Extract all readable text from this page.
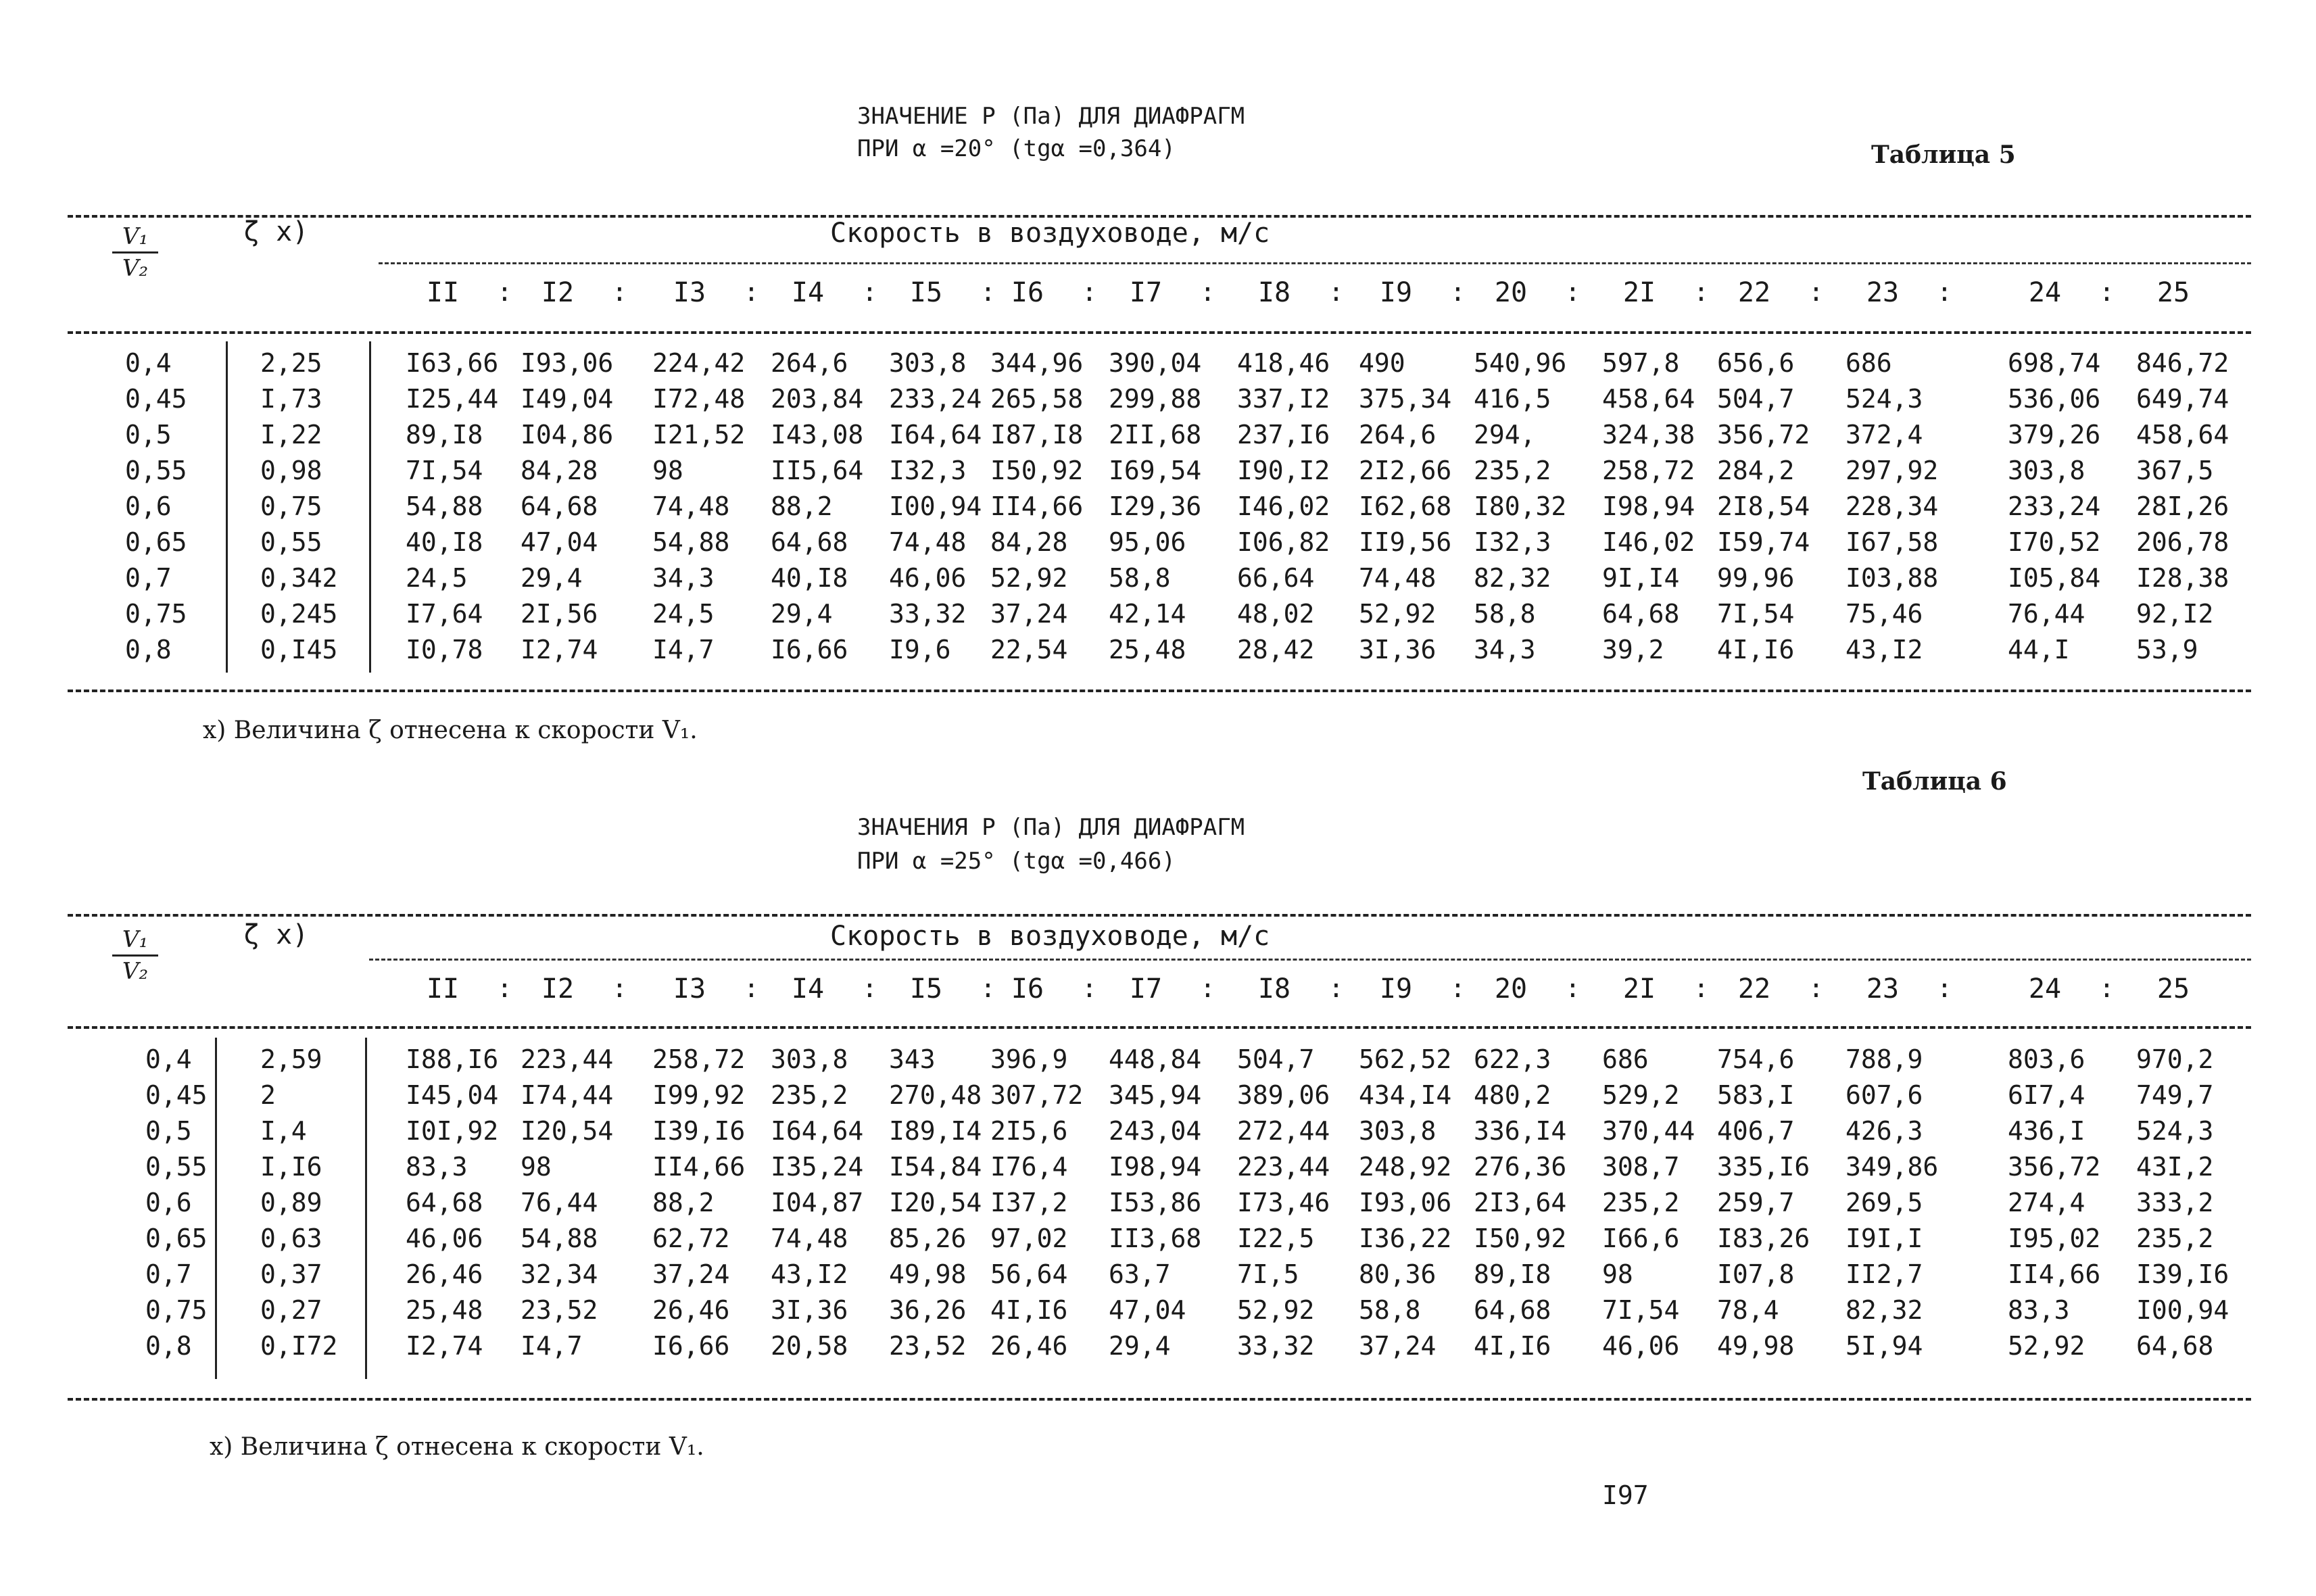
ЗНАЧЕНИЕ Р (Па) ДЛЯ ДИАФРАГМ
ПРИ α =20° (tgα =0,364)	Таблица 5
V₁
V₂
ζ x)	Скорость в воздуховоде, м/с
II	:	I2	:	I3	:	I4	:	I5	: I6	:	I7	:	I8	:	I9	:	20	:	2I	:	22	:	23	:	24	:	25
0,4	2,25	I63,66 I93,06 224,42 264,6 303,8 344,96 390,04 418,46 490	540,96 597,8 656,6 686	698,74 846,72
0,45	I,73	I25,44 I49,04 I72,48 203,84 233,24 265,58 299,88 337,I2 375,34 416,5 458,64 504,7 524,3	536,06 649,74
0,5	I,22	89,I8 I04,86 I21,52 I43,08 I64,64 I87,I8 2II,68 237,I6 264,6 294,	324,38 356,72 372,4	379,26 458,64
0,55	0,98	7I,54 84,28 98	II5,64 I32,3 I50,92 I69,54 I90,I2 2I2,66 235,2 258,72 284,2 297,92	303,8 367,5
0,6	0,75	54,88 64,68 74,48 88,2 I00,94 II4,66 I29,36 I46,02 I62,68 I80,32 I98,94 2I8,54 228,34	233,24 28I,26
0,65	0,55	40,I8 47,04 54,88 64,68 74,48 84,28 95,06 I06,82 II9,56 I32,3 I46,02 I59,74 I67,58	I70,52 206,78
0,7	0,342	24,5 29,4	34,3 40,I8 46,06 52,92 58,8	66,64 74,48 82,32 9I,I4 99,96 I03,88	I05,84 I28,38
0,75	0,245	I7,64 2I,56 24,5 29,4 33,32 37,24 42,14 48,02 52,92 58,8	64,68 7I,54 75,46	76,44 92,I2
0,8	0,I45	I0,78 I2,74 I4,7 I6,66 I9,6 22,54 25,48 28,42 3I,36 34,3	39,2 4I,I6 43,I2	44,I	53,9
x) Величина ζ отнесена к скорости V₁.
Таблица 6
ЗНАЧЕНИЯ Р (Па) ДЛЯ ДИАФРАГМ
ПРИ α =25° (tgα =0,466)
V₁
V₂
ζ x)	Скорость в воздуховоде, м/с
II	:	I2	:	I3	:	I4	:	I5	: I6	:	I7	:	I8	:	I9	:	20	:	2I	:	22	:	23	:	24	:	25
0,4	2,59	I88,I6 223,44 258,72 303,8 343 396,9 448,84 504,7 562,52 622,3 686	754,6 788,9	803,6 970,2
0,45 2	I45,04 I74,44 I99,92 235,2 270,48 307,72 345,94 389,06 434,I4 480,2 529,2 583,I 607,6	6I7,4 749,7
0,5	I,4	I0I,92 I20,54 I39,I6 I64,64 I89,I4 2I5,6 243,04 272,44 303,8 336,I4 370,44 406,7 426,3	436,I 524,3
0,55 I,I6	83,3 98	II4,66 I35,24 I54,84 I76,4 I98,94 223,44 248,92 276,36 308,7 335,I6 349,86	356,72 43I,2
0,6	0,89	64,68 76,44 88,2 I04,87 I20,54 I37,2 I53,86 I73,46 I93,06 2I3,64 235,2 259,7 269,5	274,4 333,2
0,65 0,63	46,06 54,88 62,72 74,48 85,26 97,02 II3,68 I22,5 I36,22 I50,92 I66,6 I83,26 I9I,I	I95,02 235,2
0,7	0,37	26,46 32,34 37,24 43,I2 49,98 56,64 63,7	7I,5 80,36 89,I8 98	I07,8 II2,7	II4,66 I39,I6
0,75 0,27	25,48 23,52 26,46 3I,36 36,26 4I,I6 47,04 52,92 58,8 64,68 7I,54 78,4	82,32	83,3	I00,94
0,8	0,I72	I2,74 I4,7	I6,66 20,58 23,52 26,46 29,4	33,32 37,24 4I,I6 46,06 49,98 5I,94	52,92 64,68
x) Величина ζ отнесена к скорости V₁.
I97
